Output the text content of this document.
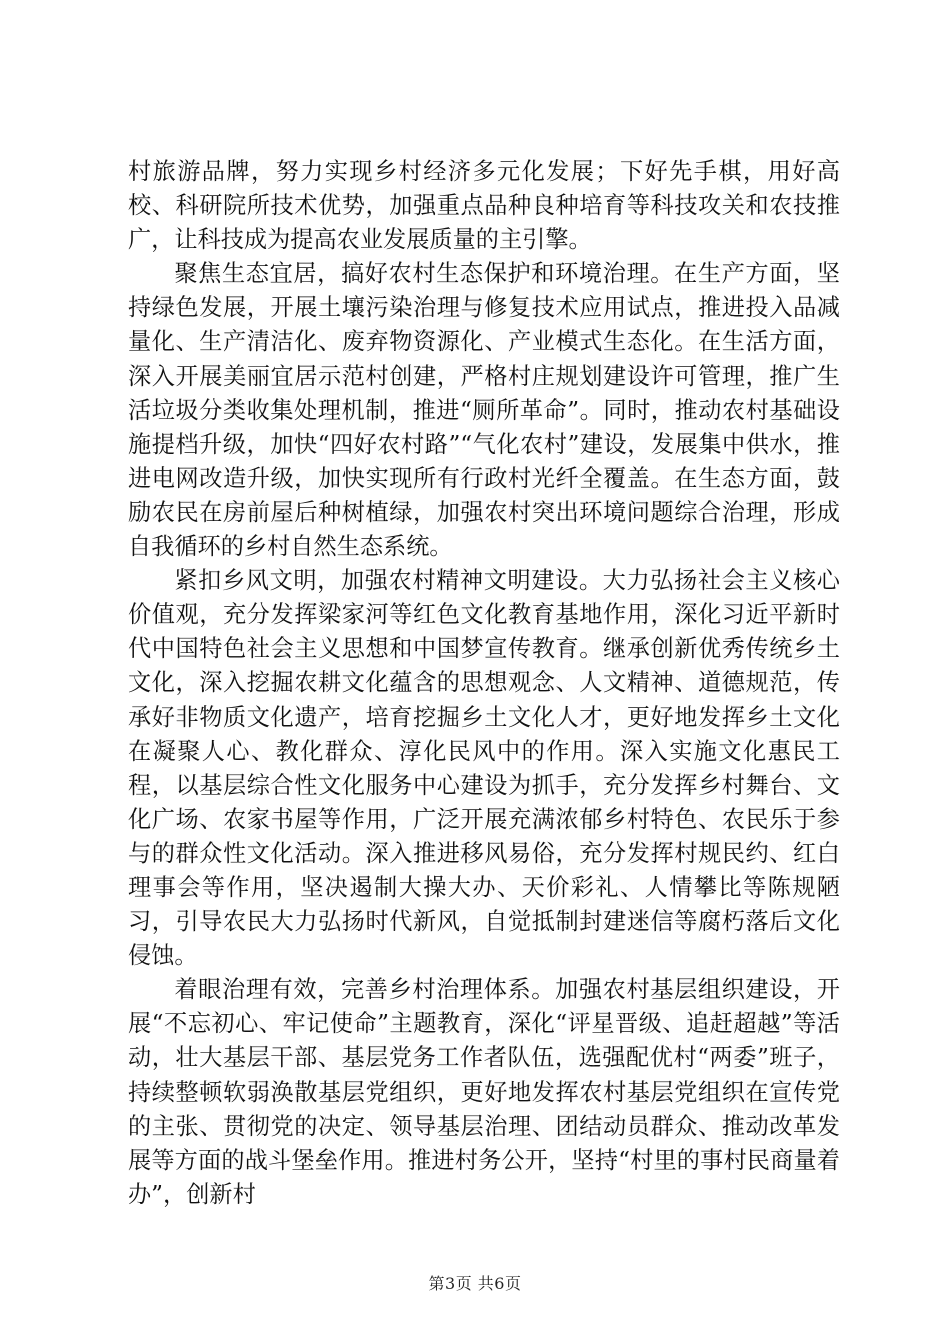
村旅游品牌，努力实现乡村经济多元化发展；下好先手棋，用好高校、科研院所技术优势，加强重点品种良种培育等科技攻关和农技推广，让科技成为提高农业发展质量的主引擎。

聚焦生态宜居，搞好农村生态保护和环境治理。在生产方面，坚持绿色发展，开展土壤污染治理与修复技术应用试点，推进投入品减量化、生产清洁化、废弃物资源化、产业模式生态化。在生活方面，深入开展美丽宜居示范村创建，严格村庄规划建设许可管理，推广生活垃圾分类收集处理机制，推进“厕所革命”。同时，推动农村基础设施提档升级，加快“四好农村路”“气化农村”建设，发展集中供水，推进电网改造升级，加快实现所有行政村光纤全覆盖。在生态方面，鼓励农民在房前屋后种树植绿，加强农村突出环境问题综合治理，形成自我循环的乡村自然生态系统。

紧扣乡风文明，加强农村精神文明建设。大力弘扬社会主义核心价值观，充分发挥梁家河等红色文化教育基地作用，深化习近平新时代中国特色社会主义思想和中国梦宣传教育。继承创新优秀传统乡土文化，深入挖掘农耕文化蕴含的思想观念、人文精神、道德规范，传承好非物质文化遗产，培育挖掘乡土文化人才，更好地发挥乡土文化在凝聚人心、教化群众、淳化民风中的作用。深入实施文化惠民工程，以基层综合性文化服务中心建设为抓手，充分发挥乡村舞台、文化广场、农家书屋等作用，广泛开展充满浓郁乡村特色、农民乐于参与的群众性文化活动。深入推进移风易俗，充分发挥村规民约、红白理事会等作用，坚决遏制大操大办、天价彩礼、人情攀比等陈规陋习，引导农民大力弘扬时代新风，自觉抵制封建迷信等腐朽落后文化侵蚀。

着眼治理有效，完善乡村治理体系。加强农村基层组织建设，开展“不忘初心、牢记使命”主题教育，深化“评星晋级、追赶超越”等活动，壮大基层干部、基层党务工作者队伍，选强配优村“两委”班子，持续整顿软弱涣散基层党组织，更好地发挥农村基层党组织在宣传党的主张、贯彻党的决定、领导基层治理、团结动员群众、推动改革发展等方面的战斗堡垒作用。推进村务公开，坚持“村里的事村民商量着办”，创新村

第3页 共6页
